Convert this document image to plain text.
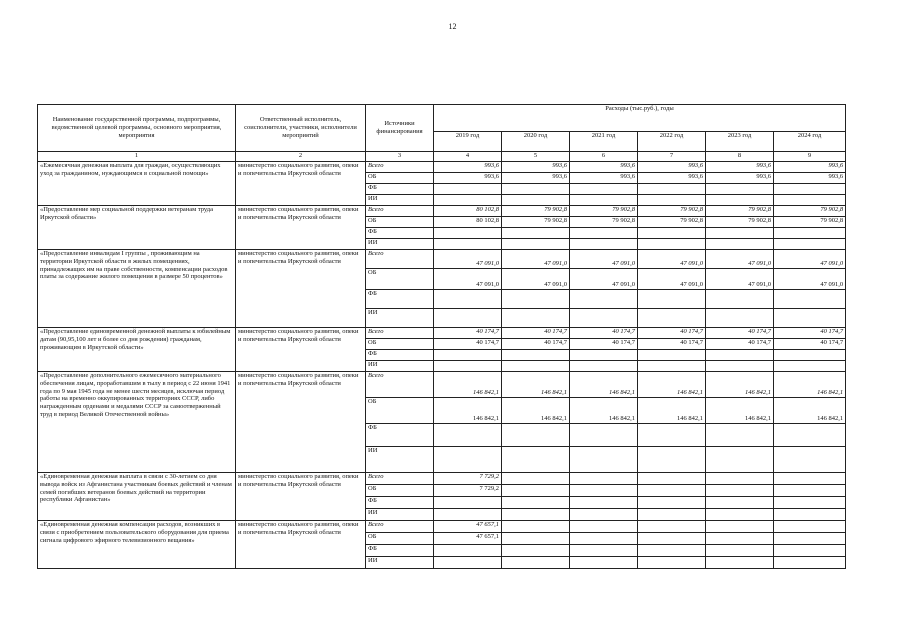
12
Наименование государственной программы, подпрограммы, ведомственной целевой программы, основного мероприятия, мероприятия	Ответственный исполнитель, соисполнители, участники, исполнители мероприятий	Источники финансирования	Расходы (тыс.руб.), годы					
			2019 год	2020 год	2021 год	2022 год	2023 год	2024 год
1	2	3	4	5	6	7	8	9
«Ежемесячная денежная выплата для граждан, осуществляющих уход за гражданином, нуждающимся в социальной помощи»	министерство социального развития, опеки и попечительства Иркутской области	Всего	993,6	993,6	993,6	993,6	993,6	993,6
		ОБ	993,6	993,6	993,6	993,6	993,6	993,6
		ФБ						
		ИИ						
«Предоставление мер социальной поддержки ветеранам труда Иркутской области»	министерство социального развития, опеки и попечительства Иркутской области	Всего	80 102,8	79 902,8	79 902,8	79 902,8	79 902,8	79 902,8
		ОБ	80 102,8	79 902,8	79 902,8	79 902,8	79 902,8	79 902,8
		ФБ						
		ИИ						
«Предоставление инвалидам I группы , проживающим на территории Иркутской области в жилых помещениях, принадлежащих им на праве собственности, компенсации расходов платы за содержание жилого помещения в размере 50 процентов»	министерство социального развития, опеки и попечительства Иркутской области	Всего	47 091,0	47 091,0	47 091,0	47 091,0	47 091,0	47 091,0
		ОБ	47 091,0	47 091,0	47 091,0	47 091,0	47 091,0	47 091,0
		ФБ						
		ИИ						
«Предоставление единовременной денежной выплаты к юбилейным датам (90,95,100 лет и более со дня рождения) гражданам, проживающим в Иркутской области»	министерство социального развития, опеки и попечительства Иркутской области	Всего	40 174,7	40 174,7	40 174,7	40 174,7	40 174,7	40 174,7
		ОБ	40 174,7	40 174,7	40 174,7	40 174,7	40 174,7	40 174,7
		ФБ						
		ИИ						
«Предоставление дополнительного ежемесячного материального обеспечения лицам, проработавшим в тылу в период с 22 июня 1941 года по 9 мая 1945 года не менее шести месяцев, исключая период работы на временно оккупированных территориях СССР, либо награжденным орденами и медалями СССР за самоотверженный труд в период Великой Отечественной войны»	министерство социального развития, опеки и попечительства Иркутской области	Всего	146 842,1	146 842,1	146 842,1	146 842,1	146 842,1	146 842,1
		ОБ	146 842,1	146 842,1	146 842,1	146 842,1	146 842,1	146 842,1
		ФБ						
		ИИ						
«Единовременная денежная выплата в связи с 30-летием со дня вывода войск из Афганистана участникам боевых действий и членам семей погибших ветеранов боевых действий на территории республики Афганистан»	министерство социального развития, опеки и попечительства Иркутской области	Всего	7 729,2					
		ОБ	7 729,2					
		ФБ						
		ИИ						
«Единовременная денежная компенсация расходов, возникших в связи с приобретением пользовательского оборудования для приема сигнала цифрового эфирного телевизионного вещания»	министерство социального развития, опеки и попечительства Иркутской области	Всего	47 657,1					
		ОБ	47 657,1					
		ФБ						
		ИИ						
